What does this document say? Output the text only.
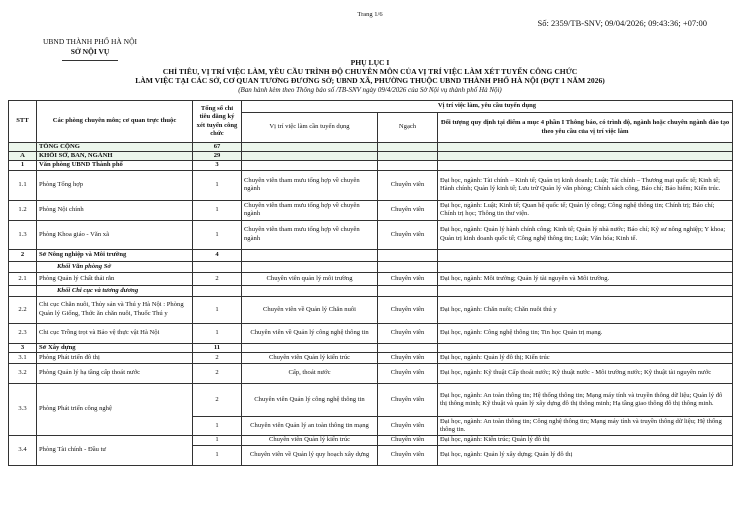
Trang 1/6
Số: 2359/TB-SNV; 09/04/2026; 09:43:36; +07:00
UBND THÀNH PHỐ HÀ NỘI
SỞ NỘI VỤ
PHỤ LỤC I
CHỈ TIÊU, VỊ TRÍ VIỆC LÀM, YÊU CẦU TRÌNH ĐỘ CHUYÊN MÔN CỦA VỊ TRÍ VIỆC LÀM XÉT TUYỂN CÔNG CHỨC
LÀM VIỆC TẠI CÁC SỞ, CƠ QUAN TƯƠNG ĐƯƠNG SỞ; UBND XÃ, PHƯỜNG THUỘC UBND THÀNH PHỐ HÀ NỘI (ĐỢT 1 NĂM 2026)
(Ban hành kèm theo Thông báo số /TB-SNV ngày 09/4/2026 của Sở Nội vụ thành phố Hà Nội)
STT	Các phòng chuyên môn; cơ quan trực thuộc	Tổng số chỉ tiêu đăng ký xét tuyển công chức	Vị trí việc làm, yêu cầu tuyển dụng		
			Vị trí việc làm cần tuyển dụng	Ngạch	Đối tượng quy định tại điểm a mục 4 phần I Thông báo, có trình độ, ngành hoặc chuyên ngành đào tạo theo yêu cầu của vị trí việc làm
	TỔNG CỘNG	67			
A	KHỐI SỞ, BAN, NGÀNH	29			
1	Văn phòng UBND Thành phố	3			
1.1	Phòng Tổng hợp	1	Chuyên viên tham mưu tổng hợp về chuyên ngành	Chuyên viên	Đại học, ngành: Tài chính – Kinh tế; Quản trị kinh doanh; Luật; Tài chính – Thương mại quốc tế; Kinh tế; Hành chính; Quản lý kinh tế; Lưu trữ Quản lý văn phòng; Chính sách công, Báo chí; Bảo hiểm; Kiến trúc.
1.2	Phòng Nội chính	1	Chuyên viên tham mưu tổng hợp về chuyên ngành	Chuyên viên	Đại học, ngành: Luật; Kinh tế; Quan hệ quốc tế; Quản lý công; Công nghệ thông tin; Chính trị; Báo chí; Chính trị học; Thông tin thư viện.
1.3	Phòng Khoa giáo - Văn xã	1	Chuyên viên tham mưu tổng hợp về chuyên ngành	Chuyên viên	Đại học, ngành: Quản lý hành chính công; Kinh tế; Quản lý nhà nước; Báo chí; Kỹ sư nông nghiệp; Y khoa; Quản trị kinh doanh quốc tế; Công nghệ thông tin; Luật; Văn hóa; Kinh tế.
2	Sở Nông nghiệp và Môi trường	4			
	Khối Văn phòng Sở				
2.1	Phòng Quản lý Chất thải rắn	2	Chuyên viên quản lý môi trường	Chuyên viên	Đại học, ngành: Môi trường; Quản lý tài nguyên và Môi trường.
	Khối Chi cục và tương đương				
2.2	Chi cục Chăn nuôi, Thủy sản và Thú y Hà Nội : Phòng Quản lý Giống, Thức ăn chăn nuôi, Thuốc Thú y	1	Chuyên viên về Quản lý Chăn nuôi	Chuyên viên	Đại học, ngành: Chăn nuôi; Chăn nuôi thú y
2.3	Chi cục Trồng trọt và Bảo vệ thực vật Hà Nội	1	Chuyên viên về Quản lý công nghệ thông tin	Chuyên viên	Đại học, ngành: Công nghệ thông tin; Tin học Quản trị mạng.
3	Sở Xây dựng	11			
3.1	Phòng Phát triển đô thị	2	Chuyên viên Quản lý kiến trúc	Chuyên viên	Đại học, ngành: Quản lý đô thị; Kiến trúc
3.2	Phòng Quản lý hạ tầng cấp thoát nước	2	Cấp, thoát nước	Chuyên viên	Đại học, ngành: Kỹ thuật Cấp thoát nước; Kỹ thuật nước - Môi trường nước; Kỹ thuật tài nguyên nước
3.3	Phòng Phát triển công nghệ	2	Chuyên viên Quản lý công nghệ thông tin	Chuyên viên	Đại học, ngành: An toàn thông tin; Hệ thống thông tin; Mạng máy tính và truyền thông dữ liệu; Quản lý đô thị thông minh; Kỹ thuật và quản lý xây dựng đô thị thông minh; Hạ tầng giao thông đô thị thông minh.
		1	Chuyên viên Quản lý an toàn thông tin mạng	Chuyên viên	Đại học, ngành: An toàn thông tin; Công nghệ thông tin; Mạng máy tính và truyền thông dữ liệu; Hệ thống thông tin.
3.4	Phòng Tài chính - Đầu tư	1	Chuyên viên Quản lý kiến trúc	Chuyên viên	Đại học, ngành: Kiến trúc; Quản lý đô thị
		1	Chuyên viên về Quản lý quy hoạch xây dựng	Chuyên viên	Đại học, ngành: Quản lý xây dựng; Quản lý đô thị
